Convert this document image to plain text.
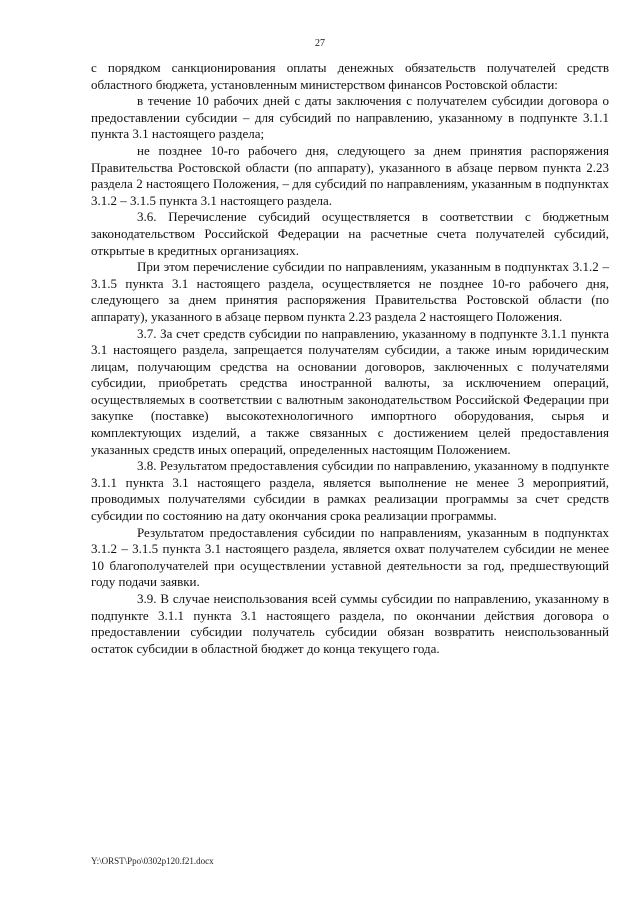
27

с порядком санкционирования оплаты денежных обязательств получателей средств областного бюджета, установленным министерством финансов Ростовской области:

в течение 10 рабочих дней с даты заключения с получателем субсидии договора о предоставлении субсидии – для субсидий по направлению, указанному в подпункте 3.1.1 пункта 3.1 настоящего раздела;

не позднее 10-го рабочего дня, следующего за днем принятия распоряжения Правительства Ростовской области (по аппарату), указанного в абзаце первом пункта 2.23 раздела 2 настоящего Положения, – для субсидий по направлениям, указанным в подпунктах 3.1.2 – 3.1.5 пункта 3.1 настоящего раздела.

3.6. Перечисление субсидий осуществляется в соответствии с бюджетным законодательством Российской Федерации на расчетные счета получателей субсидий, открытые в кредитных организациях.

При этом перечисление субсидии по направлениям, указанным в подпунктах 3.1.2 – 3.1.5 пункта 3.1 настоящего раздела, осуществляется не позднее 10-го рабочего дня, следующего за днем принятия распоряжения Правительства Ростовской области (по аппарату), указанного в абзаце первом пункта 2.23 раздела 2 настоящего Положения.

3.7. За счет средств субсидии по направлению, указанному в подпункте 3.1.1 пункта 3.1 настоящего раздела, запрещается получателям субсидии, а также иным юридическим лицам, получающим средства на основании договоров, заключенных с получателями субсидии, приобретать средства иностранной валюты, за исключением операций, осуществляемых в соответствии с валютным законодательством Российской Федерации при закупке (поставке) высокотехнологичного импортного оборудования, сырья и комплектующих изделий, а также связанных с достижением целей предоставления указанных средств иных операций, определенных настоящим Положением.

3.8. Результатом предоставления субсидии по направлению, указанному в подпункте 3.1.1 пункта 3.1 настоящего раздела, является выполнение не менее 3 мероприятий, проводимых получателями субсидии в рамках реализации программы за счет средств субсидии по состоянию на дату окончания срока реализации программы.

Результатом предоставления субсидии по направлениям, указанным в подпунктах 3.1.2 – 3.1.5 пункта 3.1 настоящего раздела, является охват получателем субсидии не менее 10 благополучателей при осуществлении уставной деятельности за год, предшествующий году подачи заявки.

3.9. В случае неиспользования всей суммы субсидии по направлению, указанному в подпункте 3.1.1 пункта 3.1 настоящего раздела, по окончании действия договора о предоставлении субсидии получатель субсидии обязан возвратить неиспользованный остаток субсидии в областной бюджет до конца текущего года.

Y:\ORST\Ppo\0302p120.f21.docx
